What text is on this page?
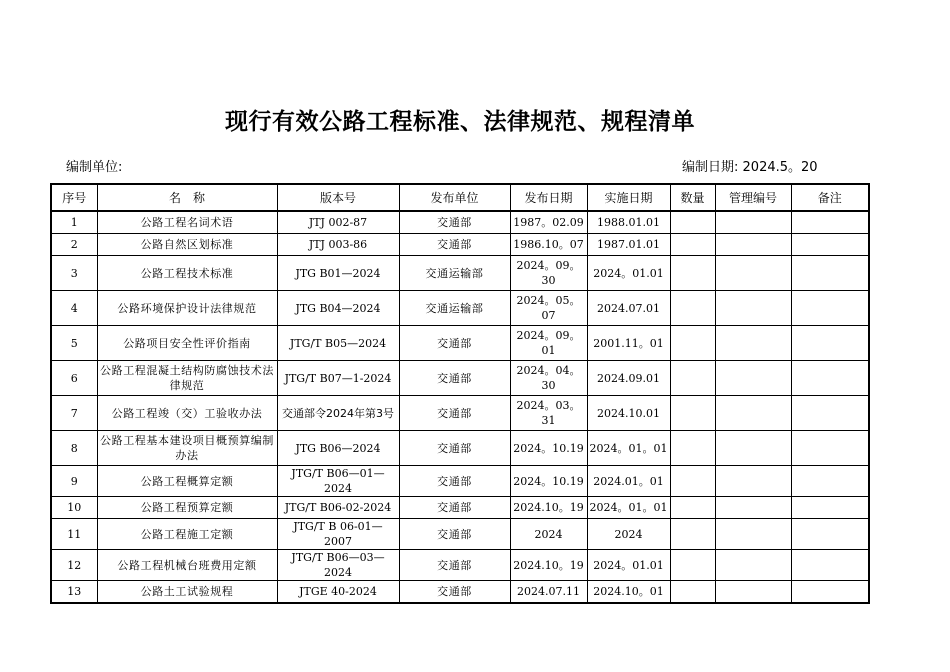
现行有效公路工程标准、法律规范、规程清单
编制单位:	编制日期: 2024.5。20
序号	名　称	版本号	发布单位	发布日期	实施日期	数量	管理编号	备注
1	公路工程名词术语	JTJ 002-87	交通部	1987。02.09	1988.01.01			
2	公路自然区划标准	JTJ 003-86	交通部	1986.10。07	1987.01.01			
3	公路工程技术标准	JTG B01—2024	交通运输部	2024。09。30	2024。01.01			
4	公路环境保护设计法律规范	JTG B04—2024	交通运输部	2024。05。07	2024.07.01			
5	公路项目安全性评价指南	JTG/T B05—2024	交通部	2024。09。01	2001.11。01			
6	公路工程混凝土结构防腐蚀技术法律规范	JTG/T B07—1-2024	交通部	2024。04。30	2024.09.01			
7	公路工程竣（交）工验收办法	交通部令2024年第3号	交通部	2024。03。31	2024.10.01			
8	公路工程基本建设项目概预算编制办法	JTG B06—2024	交通部	2024。10.19	2024。01。01			
9	公路工程概算定额	JTG/T B06—01—2024	交通部	2024。10.19	2024.01。01			
10	公路工程预算定额	JTG/T B06-02-2024	交通部	2024.10。19	2024。01。01			
11	公路工程施工定额	JTG/T B 06-01—2007	交通部	2024	2024			
12	公路工程机械台班费用定额	JTG/T B06—03—2024	交通部	2024.10。19	2024。01.01			
13	公路土工试验规程	JTGE 40-2024	交通部	2024.07.11	2024.10。01			
